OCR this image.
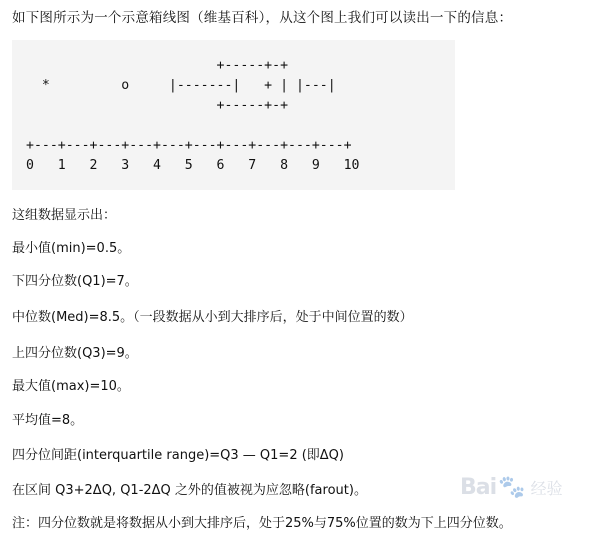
如下图所示为一个示意箱线图（维基百科），从这个图上我们可以读出一下的信息：
+-----+-+
*         o     |-------|   + | |---|
+-----+-+

+---+---+---+---+---+---+---+---+---+---+
0   1   2   3   4   5   6   7   8   9   10
这组数据显示出：
最小值(min)=0.5。
下四分位数(Q1)=7。
中位数(Med)=8.5。（一段数据从小到大排序后，处于中间位置的数）
上四分位数(Q3)=9。
最大值(max)=10。
平均值=8。
四分位间距(interquartile range)=Q3 — Q1=2 (即ΔQ)
在区间 Q3+2ΔQ, Q1-2ΔQ 之外的值被视为应忽略(farout)。
注：四分位数就是将数据从小到大排序后，处于25%与75%位置的数为下上四分位数。
Bai 🐾 经验
